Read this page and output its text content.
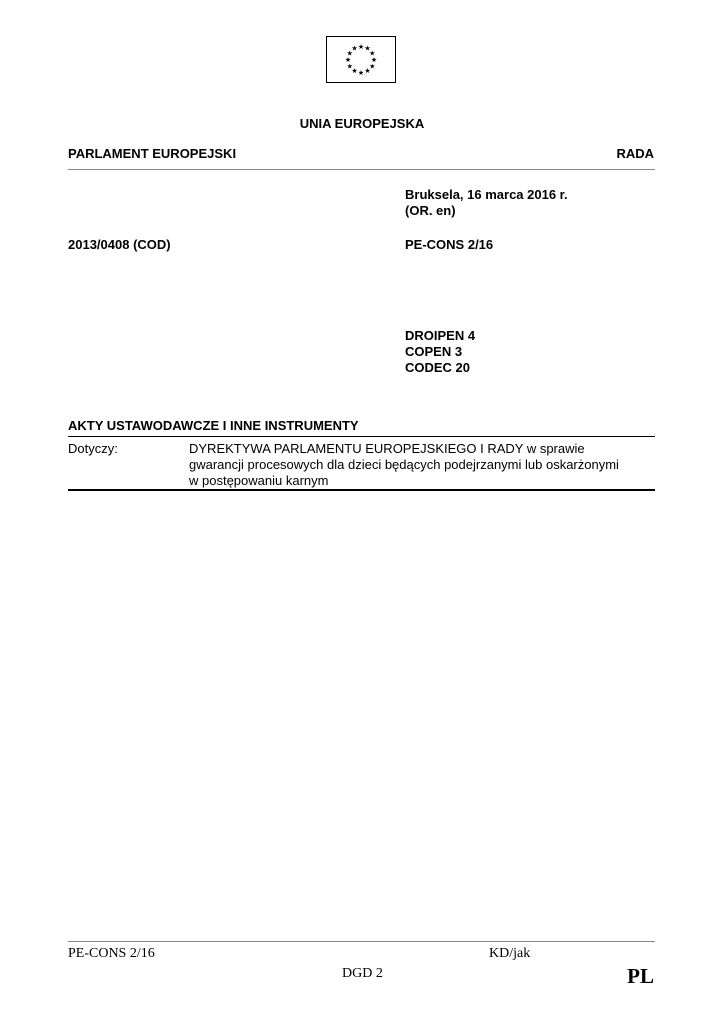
★ ★
★
★
★
★
★
★
★
★
★
★
UNIA EUROPEJSKA
PARLAMENT EUROPEJSKI	RADA
Bruksela, 16 marca 2016 r.
(OR. en)
2013/0408 (COD)	PE-CONS 2/16
DROIPEN 4
COPEN 3
CODEC 20
AKTY USTAWODAWCZE I INNE INSTRUMENTY
Dotyczy:	DYREKTYWA PARLAMENTU EUROPEJSKIEGO I RADY w sprawie
gwarancji procesowych dla dzieci będących podejrzanymi lub oskarżonymi
w postępowaniu karnym
PE-CONS 2/16	KD/jak
DGD 2	PL
